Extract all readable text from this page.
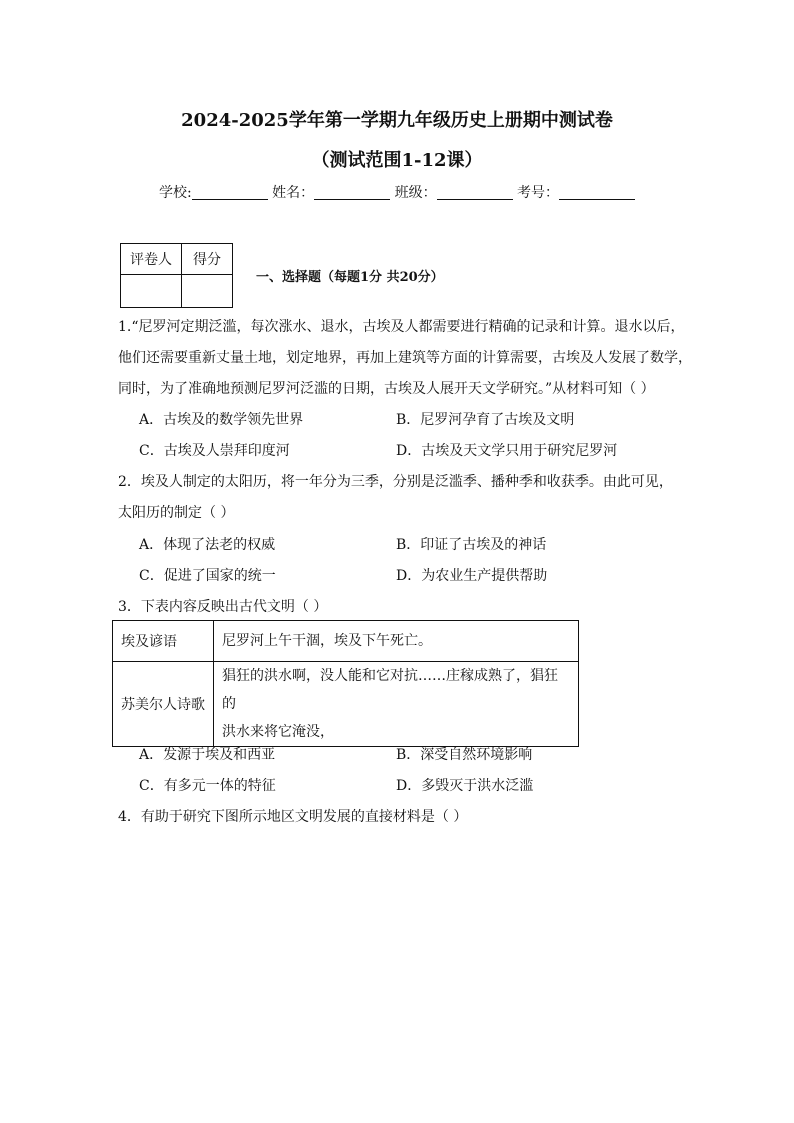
2024-2025学年第一学期九年级历史上册期中测试卷
（测试范围1-12课）
学校:	姓名：	班级：	考号：
评卷人	得分

一、选择题（每题1分 共20分）
1.“尼罗河定期泛滥，每次涨水、退水，古埃及人都需要进行精确的记录和计算。退水以后，
他们还需要重新丈量土地，划定地界，再加上建筑等方面的计算需要，古埃及人发展了数学，
同时，为了准确地预测尼罗河泛滥的日期，古埃及人展开天文学研究。”从材料可知（ ）
A．古埃及的数学领先世界	B．尼罗河孕育了古埃及文明
C．古埃及人崇拜印度河	D．古埃及天文学只用于研究尼罗河
2．埃及人制定的太阳历，将一年分为三季，分别是泛滥季、播种季和收获季。由此可见，
太阳历的制定（ ）
A．体现了法老的权威	B．印证了古埃及的神话
C．促进了国家的统一	D．为农业生产提供帮助
3．下表内容反映出古代文明（ ）
埃及谚语	尼罗河上午干涸，埃及下午死亡。
苏美尔人诗歌	猖狂的洪水啊，没人能和它对抗……庄稼成熟了，猖狂的
洪水来将它淹没，
A．发源于埃及和西亚	B．深受自然环境影响
C．有多元一体的特征	D．多毁灭于洪水泛滥
4．有助于研究下图所示地区文明发展的直接材料是（ ）
